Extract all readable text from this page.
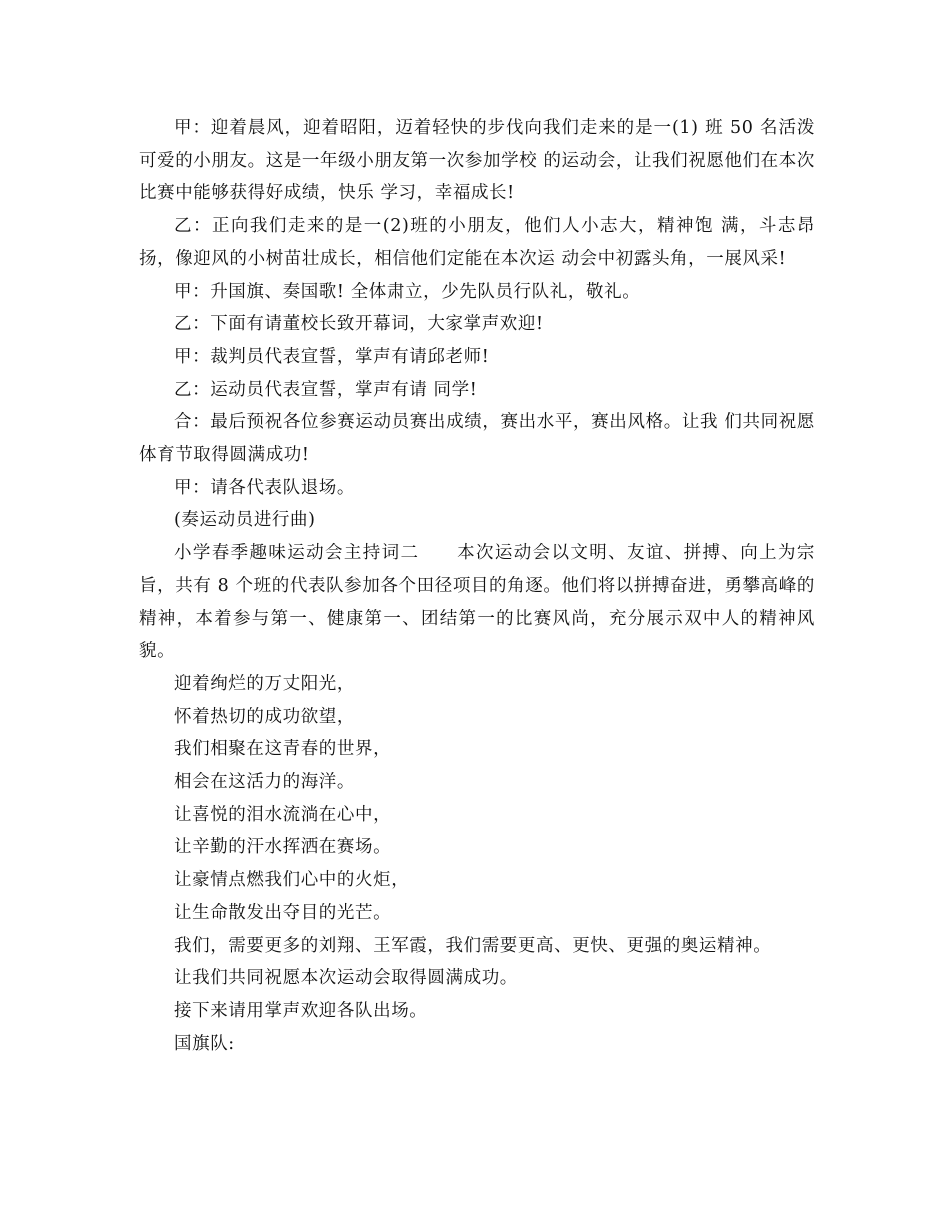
甲：迎着晨风，迎着昭阳，迈着轻快的步伐向我们走来的是一(1) 班 50 名活泼可爱的小朋友。这是一年级小朋友第一次参加学校 的运动会，让我们祝愿他们在本次比赛中能够获得好成绩，快乐 学习，幸福成长!

乙：正向我们走来的是一(2)班的小朋友，他们人小志大，精神饱 满，斗志昂扬，像迎风的小树苗壮成长，相信他们定能在本次运 动会中初露头角，一展风采!

甲：升国旗、奏国歌! 全体肃立，少先队员行队礼，敬礼。

乙：下面有请董校长致开幕词，大家掌声欢迎!

甲：裁判员代表宣誓，掌声有请邱老师!

乙：运动员代表宣誓，掌声有请 同学!

合：最后预祝各位参赛运动员赛出成绩，赛出水平，赛出风格。让我 们共同祝愿体育节取得圆满成功!

甲：请各代表队退场。

(奏运动员进行曲)

小学春季趣味运动会主持词二　　本次运动会以文明、友谊、拼搏、向上为宗旨，共有 8 个班的代表队参加各个田径项目的角逐。他们将以拼搏奋进，勇攀高峰的精神，本着参与第一、健康第一、团结第一的比赛风尚，充分展示双中人的精神风貌。

迎着绚烂的万丈阳光，

怀着热切的成功欲望，

我们相聚在这青春的世界，

相会在这活力的海洋。

让喜悦的泪水流淌在心中，

让辛勤的汗水挥洒在赛场。

让豪情点燃我们心中的火炬，

让生命散发出夺目的光芒。

我们，需要更多的刘翔、王军霞，我们需要更高、更快、更强的奥运精神。

让我们共同祝愿本次运动会取得圆满成功。

接下来请用掌声欢迎各队出场。

国旗队:
